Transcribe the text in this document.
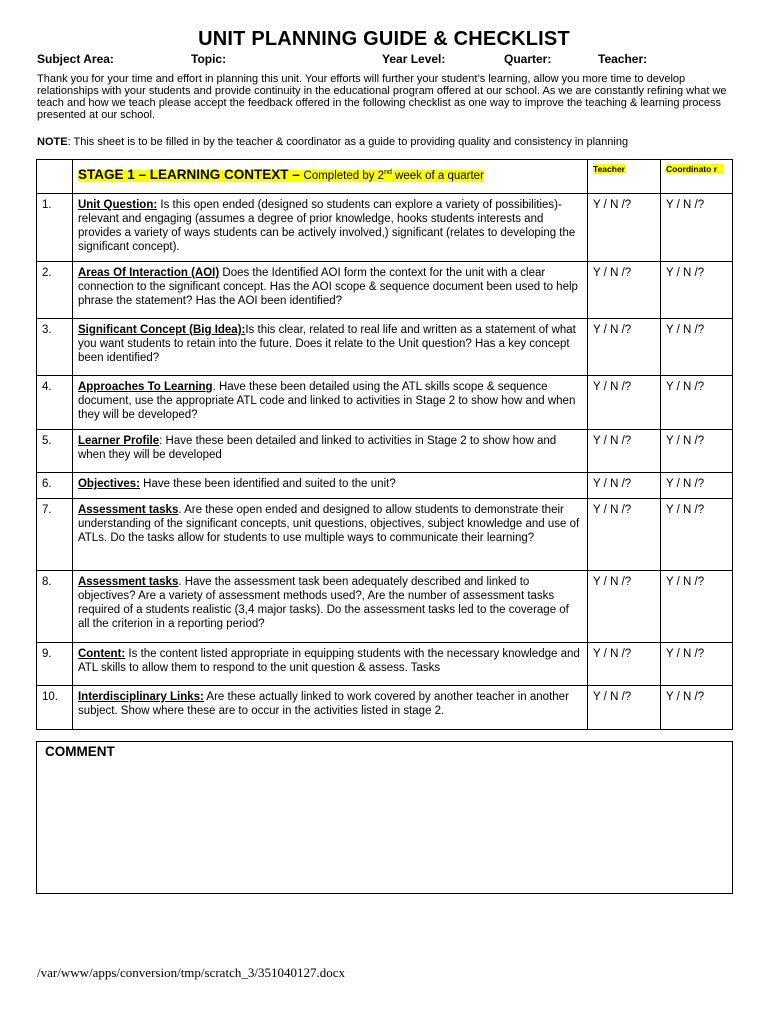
UNIT PLANNING GUIDE & CHECKLIST
Subject Area:	Topic:	Year Level:	Quarter:	Teacher:
Thank you for your time and effort in planning this unit. Your efforts will further your student’s learning, allow you more time to develop relationships with your students and provide continuity in the educational program offered at our school. As we are constantly refining what we teach and how we teach please accept the feedback offered in the following checklist as one way to improve the teaching & learning process presented at our school.
NOTE: This sheet is to be filled in by the teacher & coordinator as a guide to providing quality and consistency in planning
	STAGE 1 – LEARNING CONTEXT – Completed by 2nd week of a quarter	Teacher	Coordinato r
1.	Unit Question: Is this open ended (designed so students can explore a variety of possibilities)- relevant and engaging (assumes a degree of prior knowledge, hooks students interests and provides a variety of ways students can be actively involved,) significant (relates to developing the significant concept).	Y / N /?	Y / N /?
2.	Areas Of Interaction (AOI) Does the Identified AOI form the context for the unit with a clear connection to the significant concept. Has the AOI scope & sequence document been used to help phrase the statement? Has the AOI been identified?	Y / N /?	Y / N /?
3.	Significant Concept (Big Idea):Is this clear, related to real life and written as a statement of what you want students to retain into the future. Does it relate to the Unit question? Has a key concept been identified?	Y / N /?	Y / N /?
4.	Approaches To Learning. Have these been detailed using the ATL skills scope & sequence document, use the appropriate ATL code and linked to activities in Stage 2 to show how and when they will be developed?	Y / N /?	Y / N /?
5.	Learner Profile: Have these been detailed and linked to activities in Stage 2 to show how and when they will be developed	Y / N /?	Y / N /?
6.	Objectives: Have these been identified and suited to the unit?	Y / N /?	Y / N /?
7.	Assessment tasks. Are these open ended and designed to allow students to demonstrate their understanding of the significant concepts, unit questions, objectives, subject knowledge and use of ATLs. Do the tasks allow for students to use multiple ways to communicate their learning?	Y / N /?	Y / N /?
8.	Assessment tasks. Have the assessment task been adequately described and linked to objectives? Are a variety of assessment methods used?, Are the number of assessment tasks required of a students realistic (3,4 major tasks). Do the assessment tasks led to the coverage of all the criterion in a reporting period?	Y / N /?	Y / N /?
9.	Content: Is the content listed appropriate in equipping students with the necessary knowledge and ATL skills to allow them to respond to the unit question & assess. Tasks	Y / N /?	Y / N /?
10.	Interdisciplinary Links: Are these actually linked to work covered by another teacher in another subject. Show where these are to occur in the activities listed in stage 2.	Y / N /?	Y / N /?
COMMENT
/var/www/apps/conversion/tmp/scratch_3/351040127.docx
